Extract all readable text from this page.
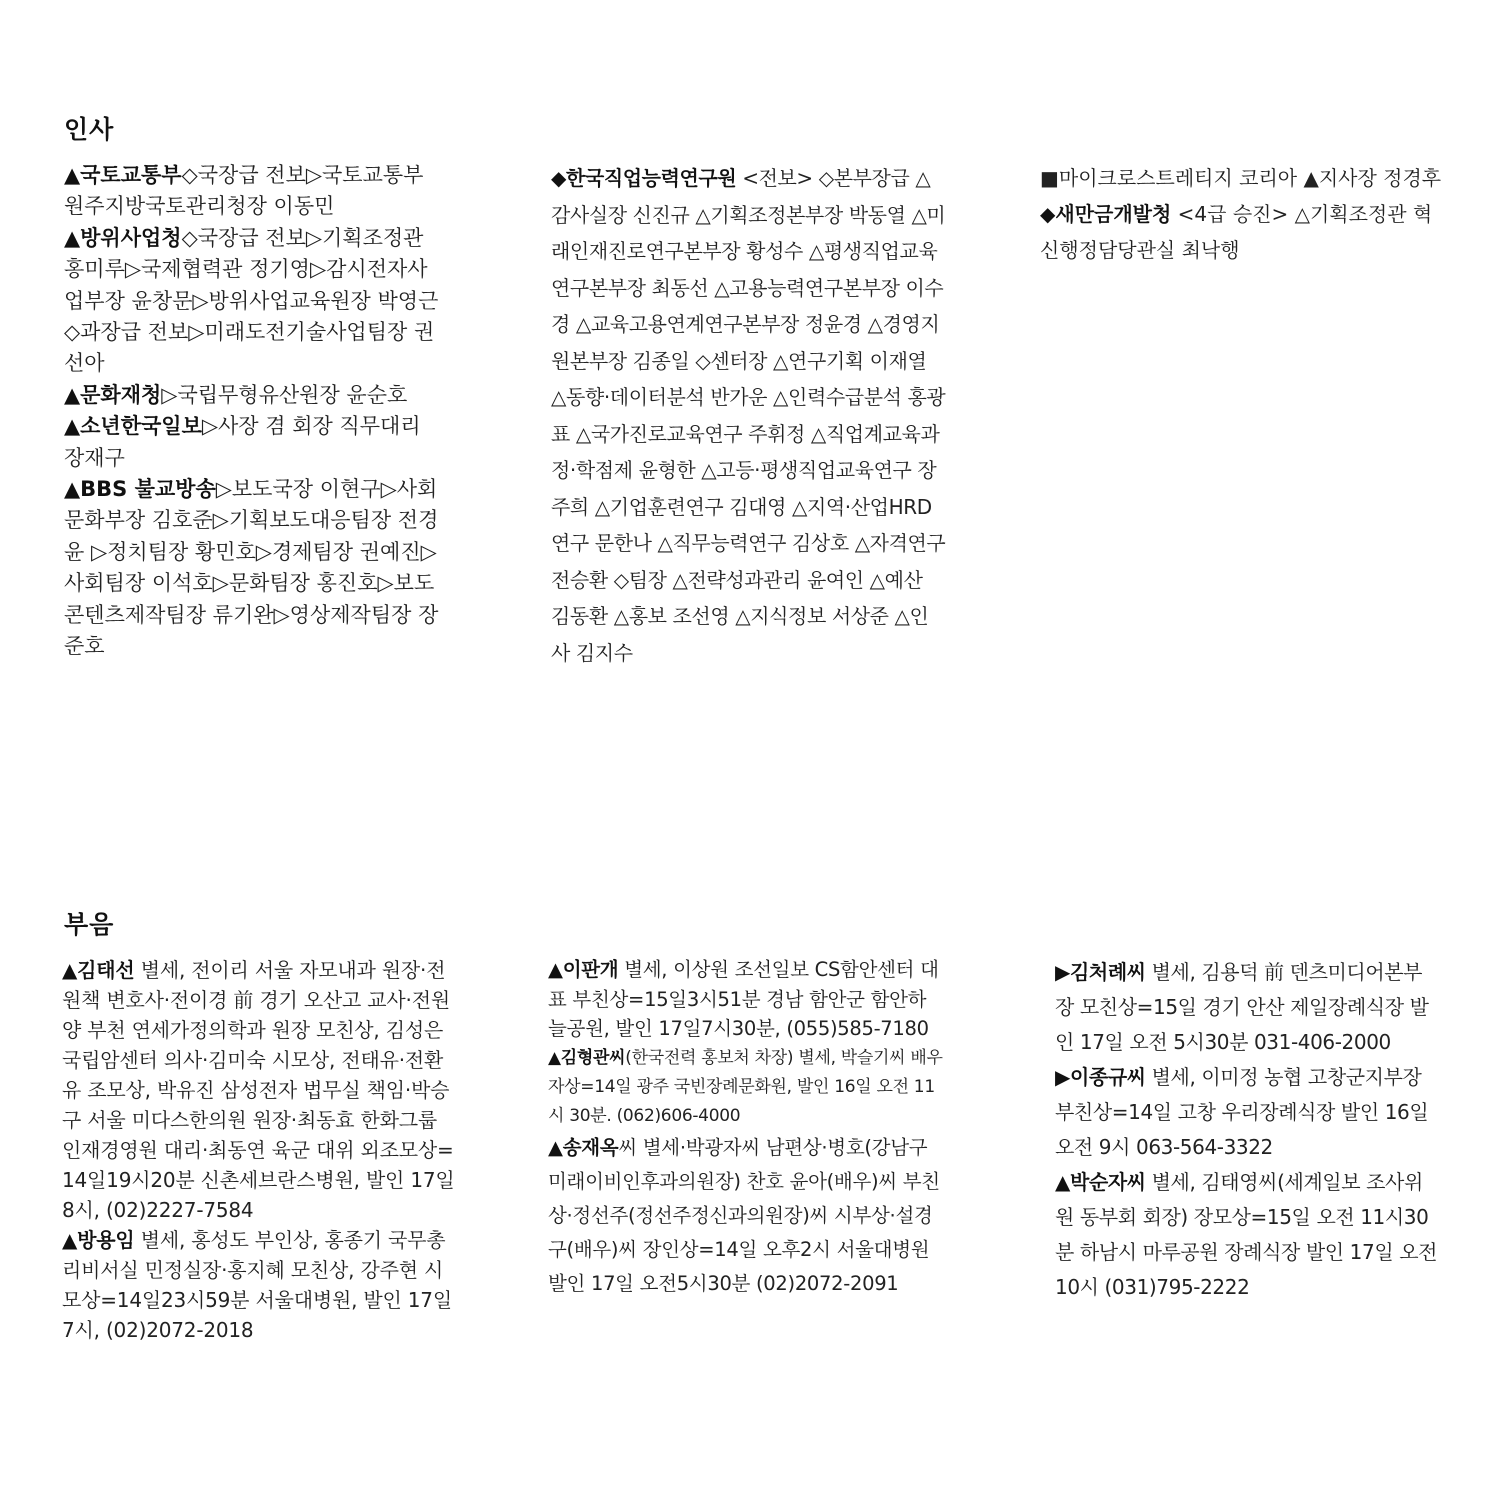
인사
▲국토교통부◇국장급 전보▷국토교통부 원주지방국토관리청장 이동민
▲방위사업청◇국장급 전보▷기획조정관 홍미루▷국제협력관 정기영▷감시전자사업부장 윤창문▷방위사업교육원장 박영근 ◇과장급 전보▷미래도전기술사업팀장 권선아
▲문화재청▷국립무형유산원장 윤순호
▲소년한국일보▷사장 겸 회장 직무대리 장재구
▲BBS 불교방송▷보도국장 이현구▷사회문화부장 김호준▷기획보도대응팀장 전경윤 ▷정치팀장 황민호▷경제팀장 권예진▷사회팀장 이석호▷문화팀장 홍진호▷보도콘텐츠제작팀장 류기완▷영상제작팀장 장준호
◆한국직업능력연구원 <전보> ◇본부장급 △감사실장 신진규 △기획조정본부장 박동열 △미래인재진로연구본부장 황성수 △평생직업교육연구본부장 최동선 △고용능력연구본부장 이수경 △교육고용연계연구본부장 정윤경 △경영지원본부장 김종일 ◇센터장 △연구기획 이재열 △동향·데이터분석 반가운 △인력수급분석 홍광표 △국가진로교육연구 주휘정 △직업계교육과정·학점제 윤형한 △고등·평생직업교육연구 장주희 △기업훈련연구 김대영 △지역·산업HRD연구 문한나 △직무능력연구 김상호 △자격연구 전승환 ◇팀장 △전략성과관리 윤여인 △예산 김동환 △홍보 조선영 △지식정보 서상준 △인사 김지수
■마이크로스트레티지 코리아 ▲지사장 정경후
◆새만금개발청 <4급 승진> △기획조정관 혁신행정담당관실 최낙행
부음
▲김태선 별세, 전이리 서울 자모내과 원장·전원책 변호사·전이경 前 경기 오산고 교사·전원양 부천 연세가정의학과 원장 모친상, 김성은 국립암센터 의사·김미숙 시모상, 전태유·전환유 조모상, 박유진 삼성전자 법무실 책임·박승구 서울 미다스한의원 원장·최동효 한화그룹 인재경영원 대리·최동연 육군 대위 외조모상=14일19시20분 신촌세브란스병원, 발인 17일8시, (02)2227-7584
▲방용임 별세, 홍성도 부인상, 홍종기 국무총리비서실 민정실장·홍지혜 모친상, 강주현 시모상=14일23시59분 서울대병원, 발인 17일7시, (02)2072-2018
▲이판개 별세, 이상원 조선일보 CS함안센터 대표 부친상=15일3시51분 경남 함안군 함안하늘공원, 발인 17일7시30분, (055)585-7180
▲김형관씨(한국전력 홍보처 차장) 별세, 박슬기씨 배우자상=14일 광주 국빈장례문화원, 발인 16일 오전 11시 30분. (062)606-4000
▲송재옥씨 별세·박광자씨 남편상·병호(강남구 미래이비인후과의원장) 찬호 윤아(배우)씨 부친상·정선주(정선주정신과의원장)씨 시부상·설경구(배우)씨 장인상=14일 오후2시 서울대병원 발인 17일 오전5시30분 (02)2072-2091
▶김처례씨 별세, 김용덕 前 덴츠미디어본부장 모친상=15일 경기 안산 제일장례식장 발인 17일 오전 5시30분 031-406-2000
▶이종규씨 별세, 이미정 농협 고창군지부장 부친상=14일 고창 우리장례식장 발인 16일 오전 9시 063-564-3322
▲박순자씨 별세, 김태영씨(세계일보 조사위원 동부회 회장) 장모상=15일 오전 11시30분 하남시 마루공원 장례식장 발인 17일 오전 10시 (031)795-2222
